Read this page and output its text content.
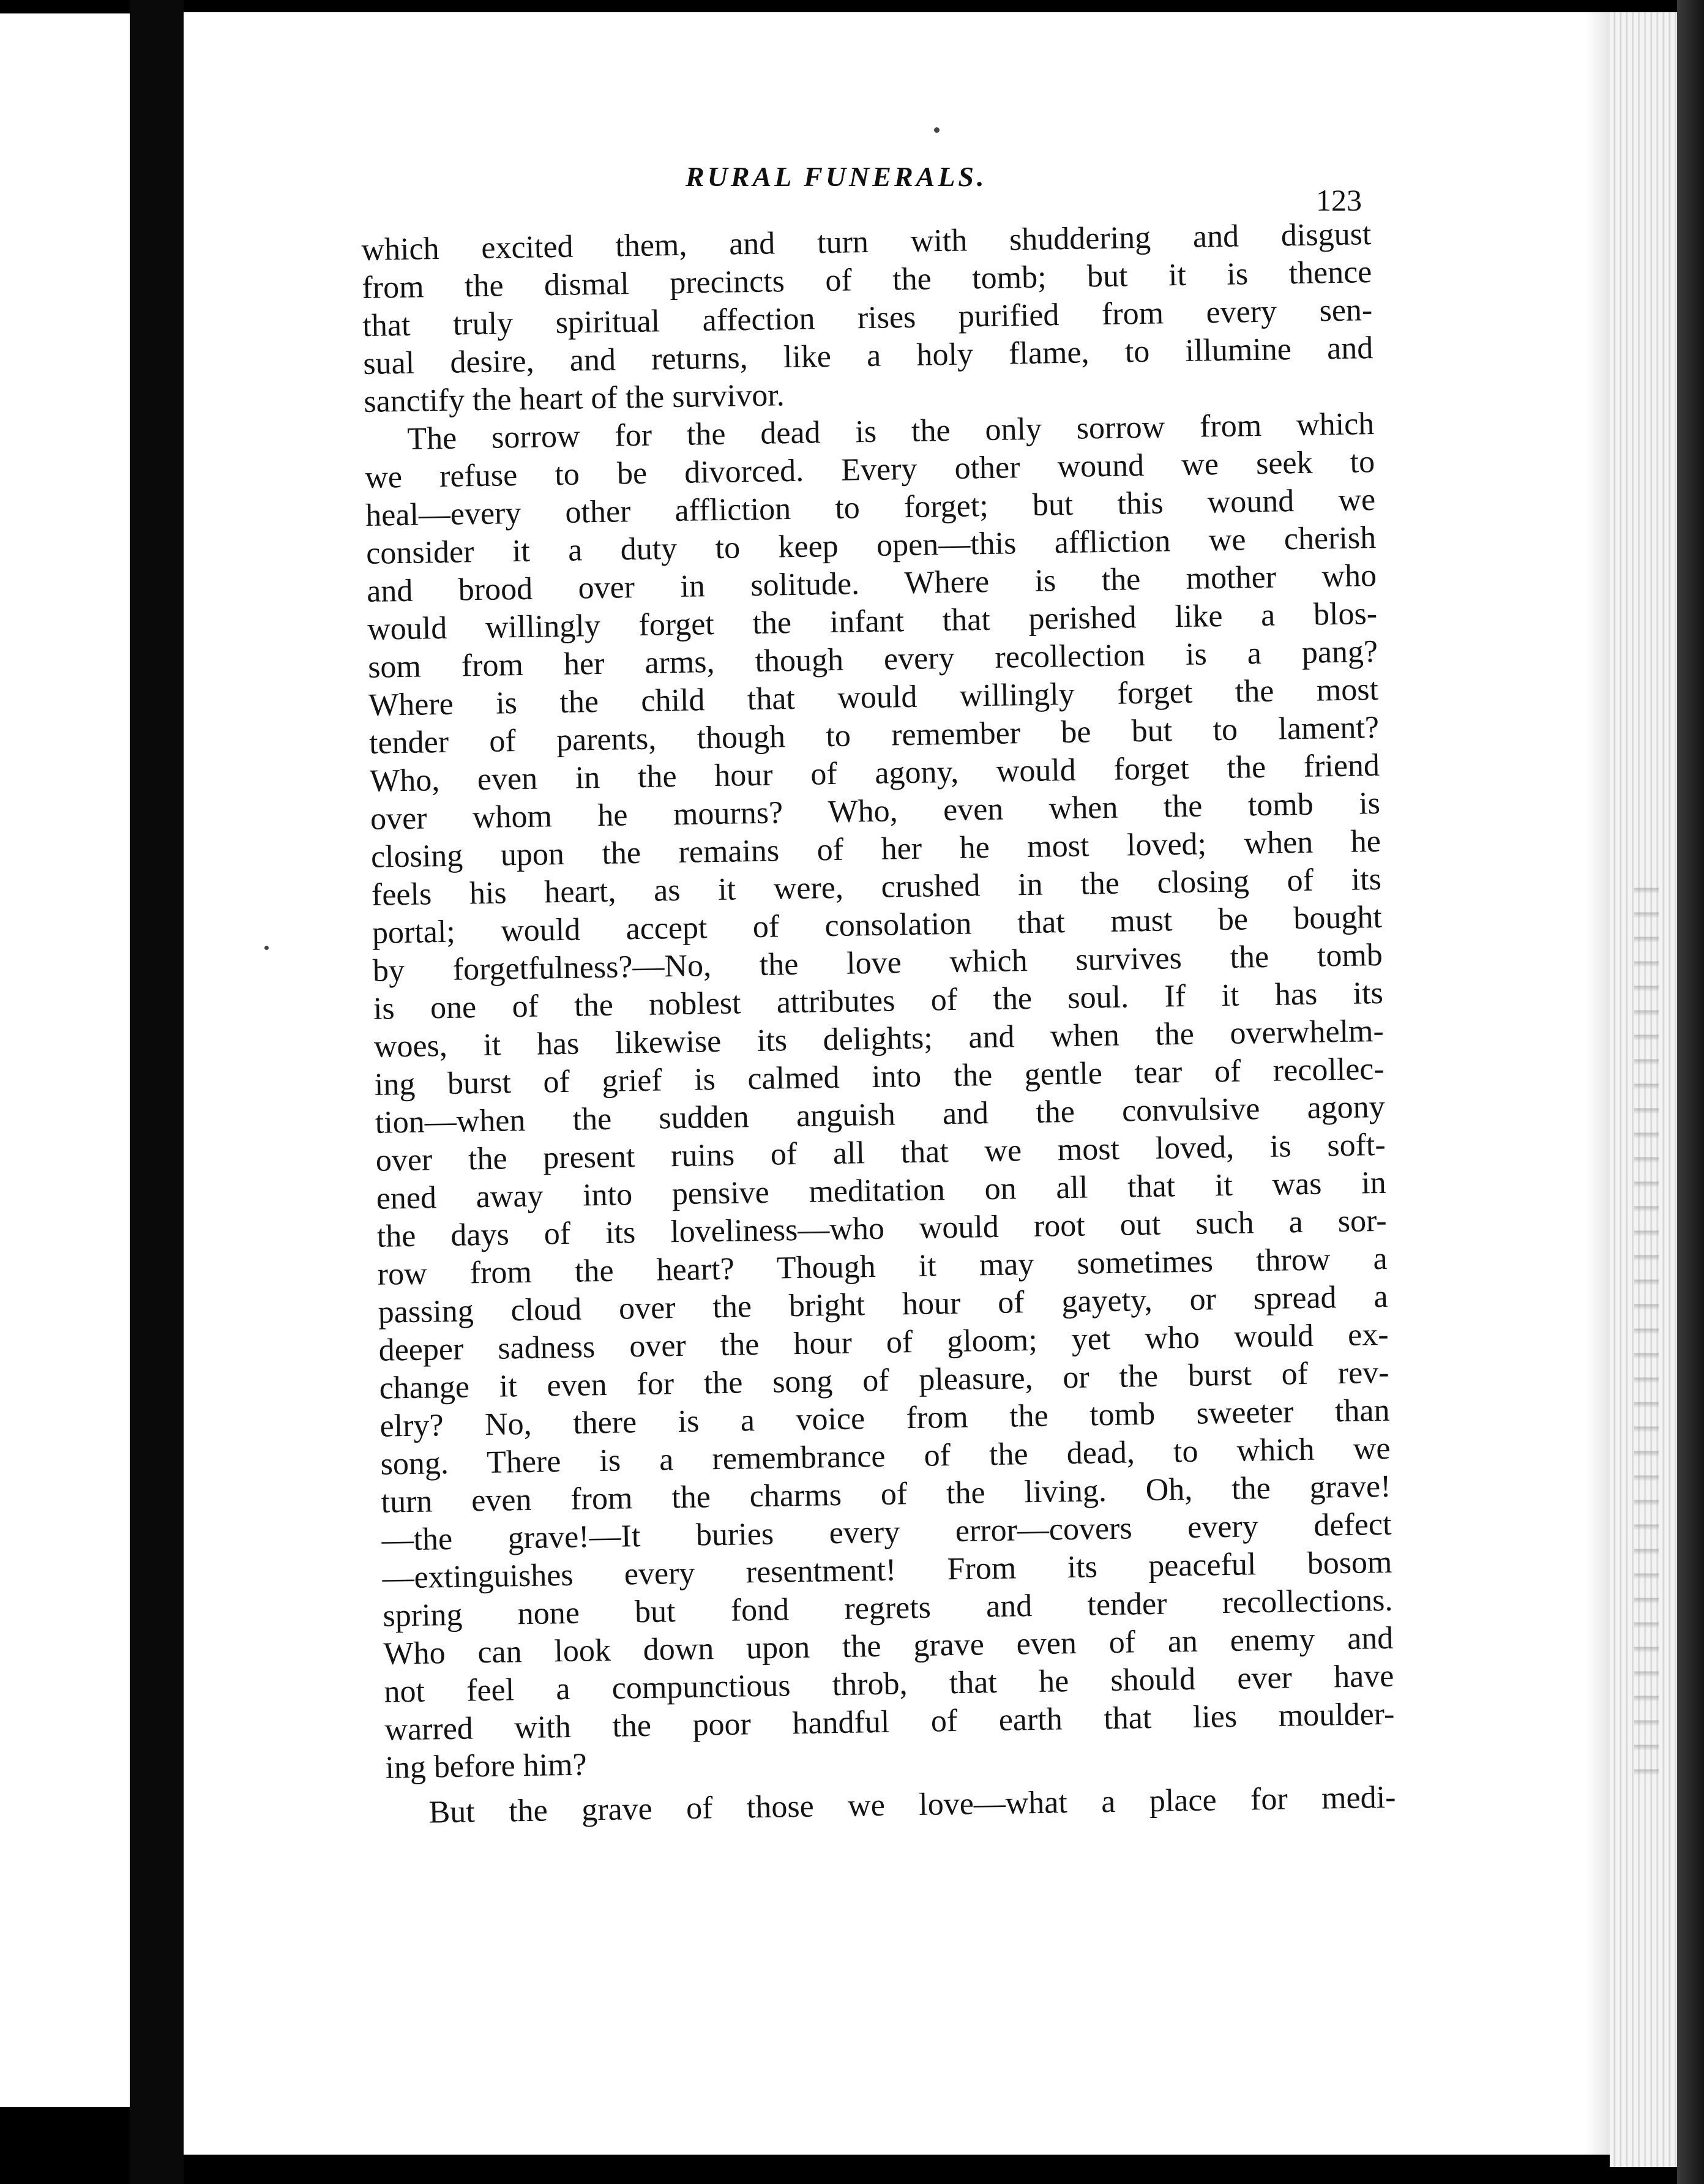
RURAL FUNERALS.
123
which excited them, and turn with shuddering and disgust
from the dismal precincts of the tomb; but it is thence
that truly spiritual affection rises purified from every sen-
sual desire, and returns, like a holy flame, to illumine and
sanctify the heart of the survivor.
The sorrow for the dead is the only sorrow from which
we refuse to be divorced. Every other wound we seek to
heal—every other affliction to forget; but this wound we
consider it a duty to keep open—this affliction we cherish
and brood over in solitude. Where is the mother who
would willingly forget the infant that perished like a blos-
som from her arms, though every recollection is a pang?
Where is the child that would willingly forget the most
tender of parents, though to remember be but to lament?
Who, even in the hour of agony, would forget the friend
over whom he mourns? Who, even when the tomb is
closing upon the remains of her he most loved; when he
feels his heart, as it were, crushed in the closing of its
portal; would accept of consolation that must be bought
by forgetfulness?—No, the love which survives the tomb
is one of the noblest attributes of the soul. If it has its
woes, it has likewise its delights; and when the overwhelm-
ing burst of grief is calmed into the gentle tear of recollec-
tion—when the sudden anguish and the convulsive agony
over the present ruins of all that we most loved, is soft-
ened away into pensive meditation on all that it was in
the days of its loveliness—who would root out such a sor-
row from the heart? Though it may sometimes throw a
passing cloud over the bright hour of gayety, or spread a
deeper sadness over the hour of gloom; yet who would ex-
change it even for the song of pleasure, or the burst of rev-
elry? No, there is a voice from the tomb sweeter than
song. There is a remembrance of the dead, to which we
turn even from the charms of the living. Oh, the grave!
—the grave!—It buries every error—covers every defect
—extinguishes every resentment! From its peaceful bosom
spring none but fond regrets and tender recollections.
Who can look down upon the grave even of an enemy and
not feel a compunctious throb, that he should ever have
warred with the poor handful of earth that lies moulder-
ing before him?
But the grave of those we love—what a place for medi-
